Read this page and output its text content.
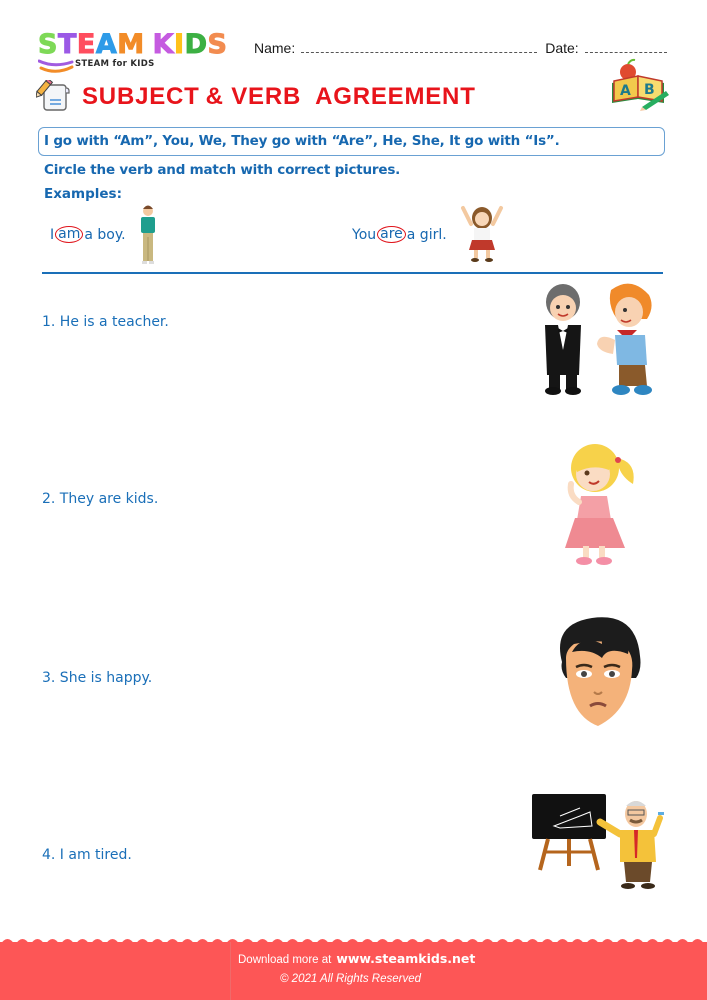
STEAM KIDS
STEAM for KIDS
Name:	Date:
SUBJECT & VERB AGREEMENT	A B
I go with “Am”, You, We, They go with “Are”, He, She, It go with “Is”.
Circle the verb and match with correct pictures.
Examples:
I am a boy.	You are a girl.
1. He is a teacher.
2. They are kids.
3. She is happy.
4. I am tired.
Download more at www.steamkids.net
© 2021 All Rights Reserved
